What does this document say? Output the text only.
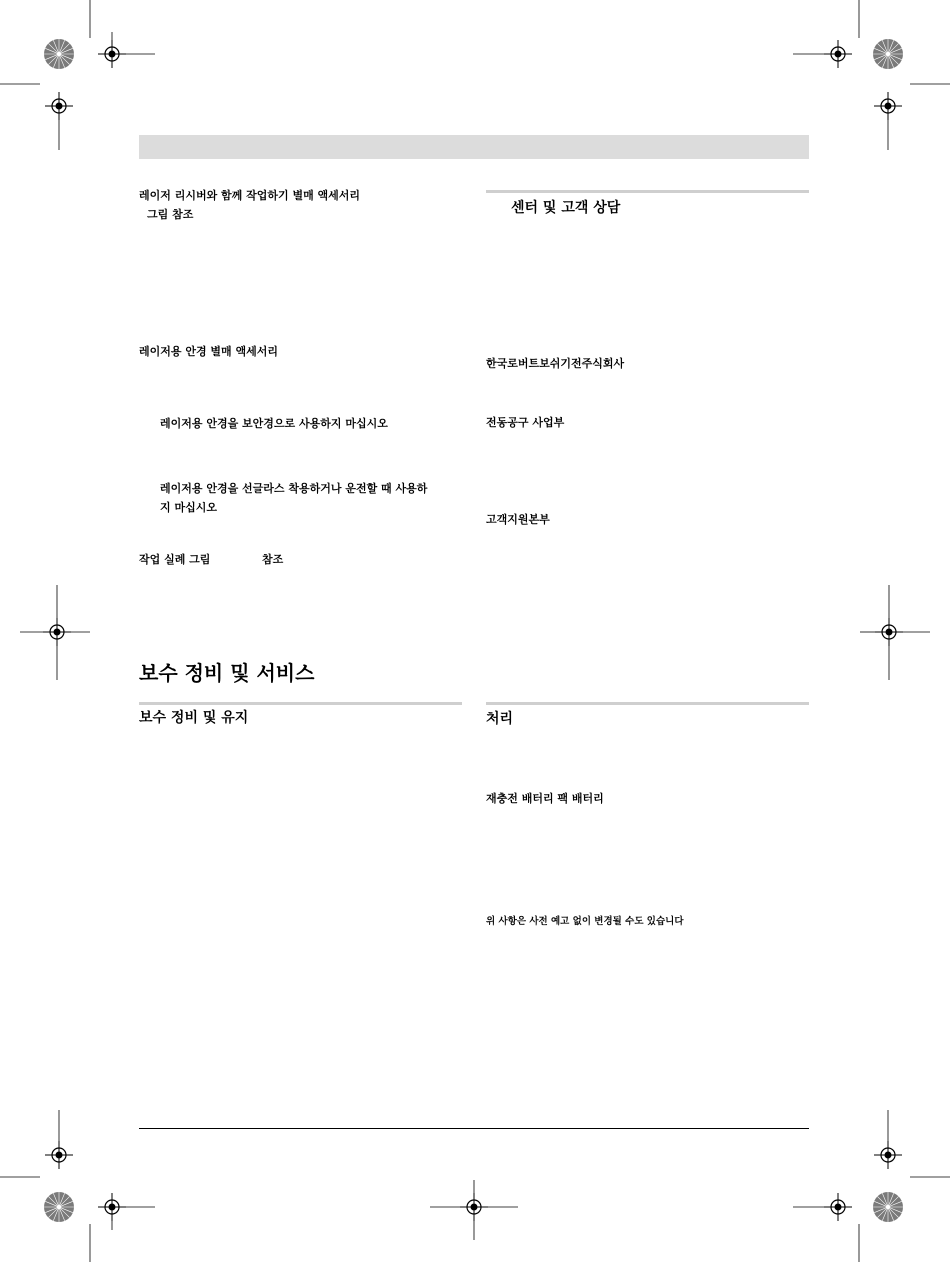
레이저 리시버와 함께 작업하기 별매 액세서리
그림 참조
레이저용 안경 별매 액세서리
레이저용 안경을 보안경으로 사용하지 마십시오
레이저용 안경을 선글라스 착용하거나 운전할 때 사용하
지 마십시오
작업 실례 그림	참조
보수 정비 및 서비스
보수 정비 및 유지
센터 및 고객 상담
한국로버트보쉬기전주식회사
전동공구 사업부
고객지원본부
처리
재충전 배터리 팩 배터리
위 사항은 사전 예고 없이 변경될 수도 있습니다
